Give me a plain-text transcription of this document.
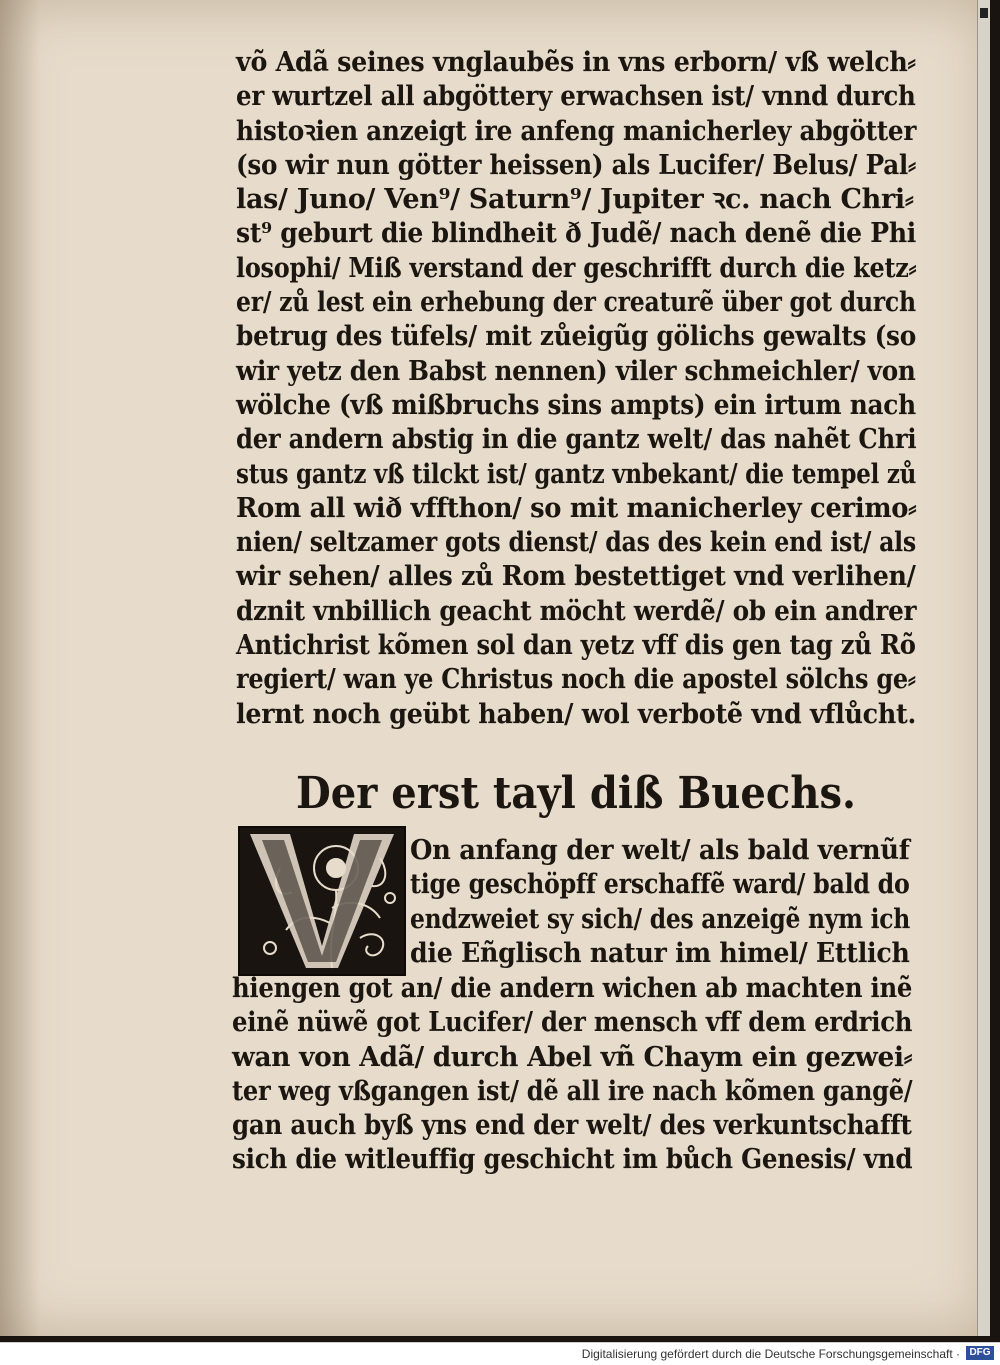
võ Adã seines vnglaubẽs in vns erborn/ vß welch⸗
er wurtzel all abgöttery erwachsen ist/ vnnd durch
histoꝛien anzeigt ire anfeng manicherley abgötter
(so wir nun götter heissen) als Lucifer/ Belus/ Pal⸗
las/ Juno/ Ven⁹/ Saturn⁹/ Jupiter ꝛc. nach Chri⸗
st⁹ geburt die blindheit ð Judẽ/ nach denẽ die Phi
losophi/ Miß verstand der geschrifft durch die ketz⸗
er/ zů lest ein erhebung der creaturẽ über got durch
betrug des tüfels/ mit zůeigũg gölichs gewalts (so
wir yetz den Babst nennen) viler schmeichler/ von
wölche (vß mißbruchs sins ampts) ein irtum nach
der andern abstig in die gantz welt/ das nahẽt Chri
stus gantz vß tilckt ist/ gantz vnbekant/ die tempel zů
Rom all wið vffthon/ so mit manicherley cerimo⸗
nien/ seltzamer gots dienst/ das des kein end ist/ als
wir sehen/ alles zů Rom bestettiget vnd verlihen/
dznit vnbillich geacht möcht werdẽ/ ob ein andrer
Antichrist kõmen sol dan yetz vff dis gen tag zů Rõ
regiert/ wan ye Christus noch die apostel sölchs ge⸗
lernt noch geübt haben/ wol verbotẽ vnd vflůcht.
Der erst tayl diß Buechs.
On anfang der welt/ als bald vernũf
tige geschöpff erschaffẽ ward/ bald do
endzweiet sy sich/ des anzeigẽ nym ich
die Eñglisch natur im himel/ Ettlich
hiengen got an/ die andern wichen ab machten inẽ
einẽ nüwẽ got Lucifer/ der mensch vff dem erdrich
wan von Adã/ durch Abel vñ Chaym ein gezwei⸗
ter weg vßgangen ist/ dẽ all ire nach kõmen gangẽ/
gan auch byß yns end der welt/ des verkuntschafft
sich die witleuffig geschicht im bůch Genesis/ vnd
Digitalisierung gefördert durch die Deutsche Forschungsgemeinschaft · DFG
